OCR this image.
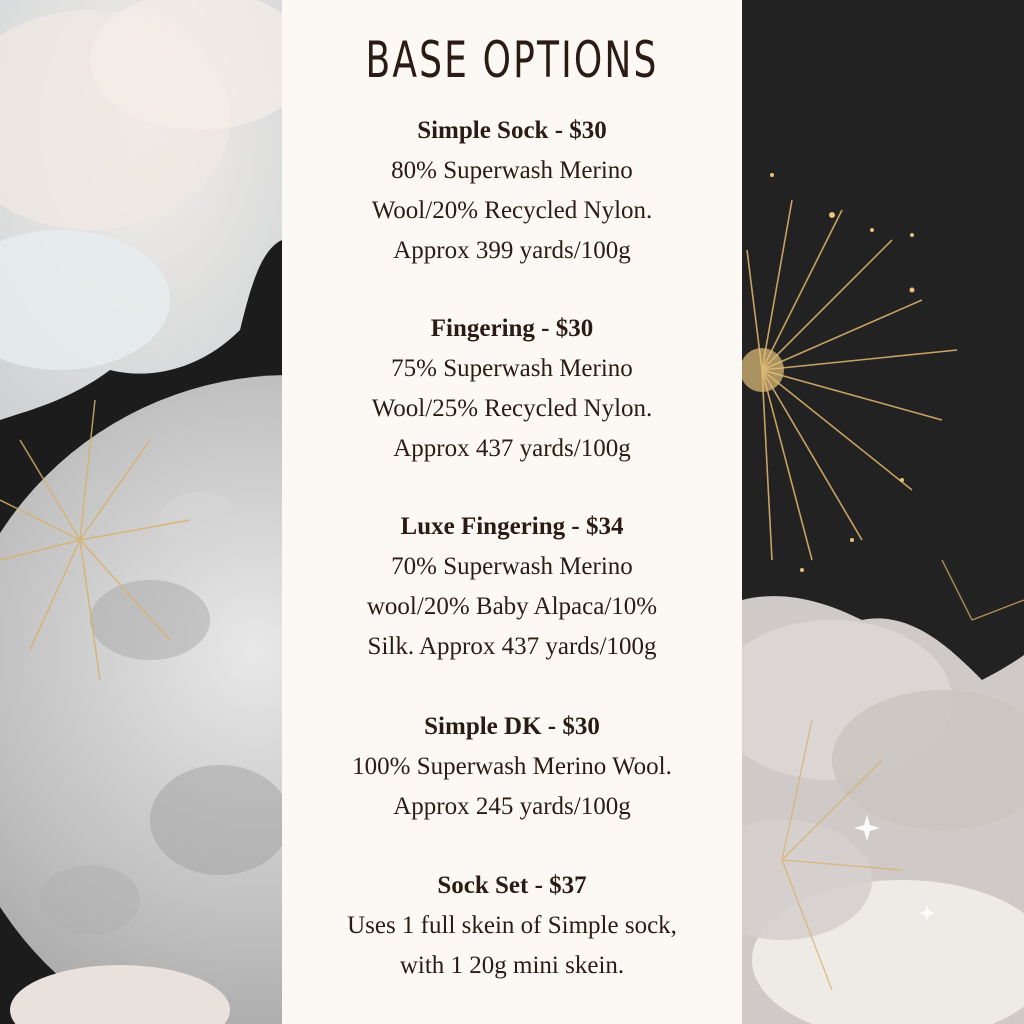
BASE OPTIONS
Simple Sock - $30
80% Superwash Merino
Wool/20% Recycled Nylon.
Approx 399 yards/100g
Fingering - $30
75% Superwash Merino
Wool/25% Recycled Nylon.
Approx 437 yards/100g
Luxe Fingering - $34
70% Superwash Merino
wool/20% Baby Alpaca/10%
Silk. Approx 437 yards/100g
Simple DK - $30
100% Superwash Merino Wool.
Approx 245 yards/100g
Sock Set - $37
Uses 1 full skein of Simple sock,
with 1 20g mini skein.
